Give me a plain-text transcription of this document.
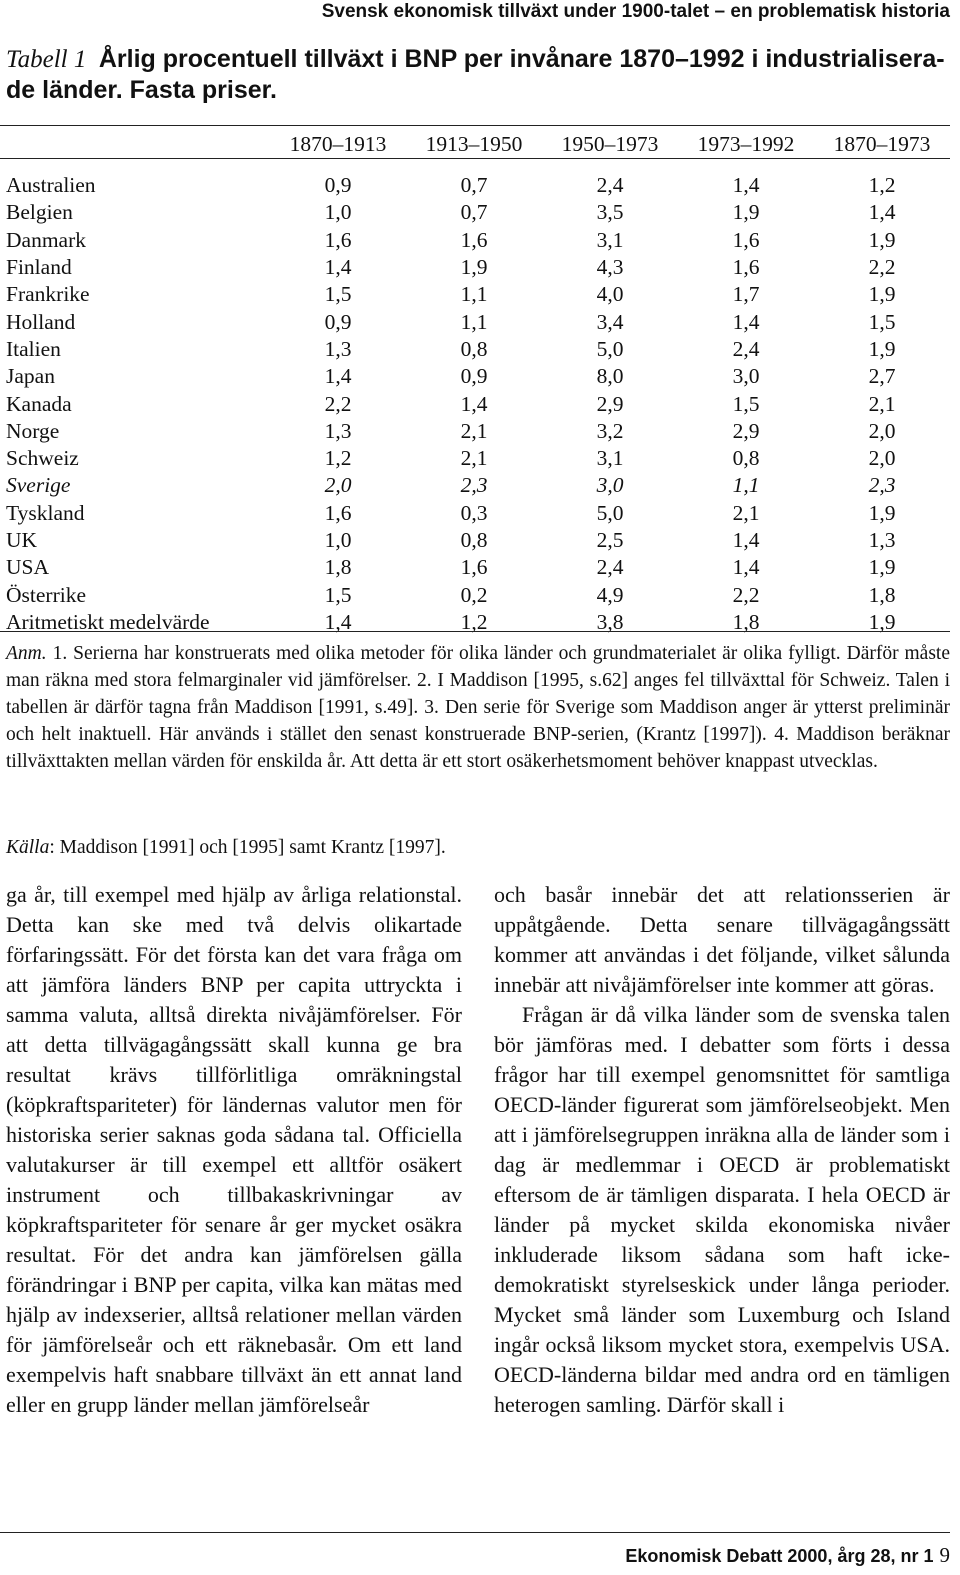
Svensk ekonomisk tillväxt under 1900-talet – en problematisk historia
Tabell 1 Årlig procentuell tillväxt i BNP per invånare 1870–1992 i industrialisera-de länder. Fasta priser.
	1870–1913	1913–1950	1950–1973	1973–1992	1870–1973

Australien	0,9	0,7	2,4	1,4	1,2
Belgien	1,0	0,7	3,5	1,9	1,4
Danmark	1,6	1,6	3,1	1,6	1,9
Finland	1,4	1,9	4,3	1,6	2,2
Frankrike	1,5	1,1	4,0	1,7	1,9
Holland	0,9	1,1	3,4	1,4	1,5
Italien	1,3	0,8	5,0	2,4	1,9
Japan	1,4	0,9	8,0	3,0	2,7
Kanada	2,2	1,4	2,9	1,5	2,1
Norge	1,3	2,1	3,2	2,9	2,0
Schweiz	1,2	2,1	3,1	0,8	2,0
Sverige	2,0	2,3	3,0	1,1	2,3
Tyskland	1,6	0,3	5,0	2,1	1,9
UK	1,0	0,8	2,5	1,4	1,3
USA	1,8	1,6	2,4	1,4	1,9
Österrike	1,5	0,2	4,9	2,2	1,8
Aritmetiskt medelvärde	1,4	1,2	3,8	1,8	1,9
Anm. 1. Serierna har konstruerats med olika metoder för olika länder och grundmaterialet är olika fylligt. Därför måste man räkna med stora felmarginaler vid jämförelser. 2. I Maddison [1995, s.62] anges fel tillväxttal för Schweiz. Talen i tabellen är därför tagna från Maddison [1991, s.49]. 3. Den serie för Sverige som Maddison anger är ytterst preliminär och helt inaktuell. Här används i stället den senast konstruerade BNP-serien, (Krantz [1997]). 4. Maddison beräknar tillväxttakten mellan värden för enskilda år. Att detta är ett stort osäkerhetsmoment behöver knappast utvecklas.
Källa: Maddison [1991] och [1995] samt Krantz [1997].

ga år, till exempel med hjälp av årliga relationstal. Detta kan ske med två delvis olikartade förfaringssätt. För det första kan det vara fråga om att jämföra länders BNP per capita uttryckta i samma valuta, alltså direkta nivåjämförelser. För att detta tillvägagångssätt skall kunna ge bra resultat krävs tillförlitliga omräkningstal (köpkraftspariteter) för ländernas valutor men för historiska serier saknas goda sådana tal. Officiella valutakurser är till exempel ett alltför osäkert instrument och tillbakaskrivningar av köpkraftspariteter för senare år ger mycket osäkra resultat. För det andra kan jämförelsen gälla förändringar i BNP per capita, vilka kan mätas med hjälp av indexserier, alltså relationer mellan värden för jämförelseår och ett räknebasår. Om ett land exempelvis haft snabbare tillväxt än ett annat land eller en grupp länder mellan jämförelseår

och basår innebär det att relationsserien är uppåtgående. Detta senare tillvägagångssätt kommer att användas i det följande, vilket sålunda innebär att nivåjämförelser inte kommer att göras.

Frågan är då vilka länder som de svenska talen bör jämföras med. I debatter som förts i dessa frågor har till exempel genomsnittet för samtliga OECD-länder figurerat som jämförelseobjekt. Men att i jämförelsegruppen inräkna alla de länder som i dag är medlemmar i OECD är problematiskt eftersom de är tämligen disparata. I hela OECD är länder på mycket skilda ekonomiska nivåer inkluderade liksom sådana som haft icke-demokratiskt styrelseskick under långa perioder. Mycket små länder som Luxemburg och Island ingår också liksom mycket stora, exempelvis USA. OECD-länderna bildar med andra ord en tämligen heterogen samling. Därför skall i

Ekonomisk Debatt 2000, årg 28, nr 1 9
